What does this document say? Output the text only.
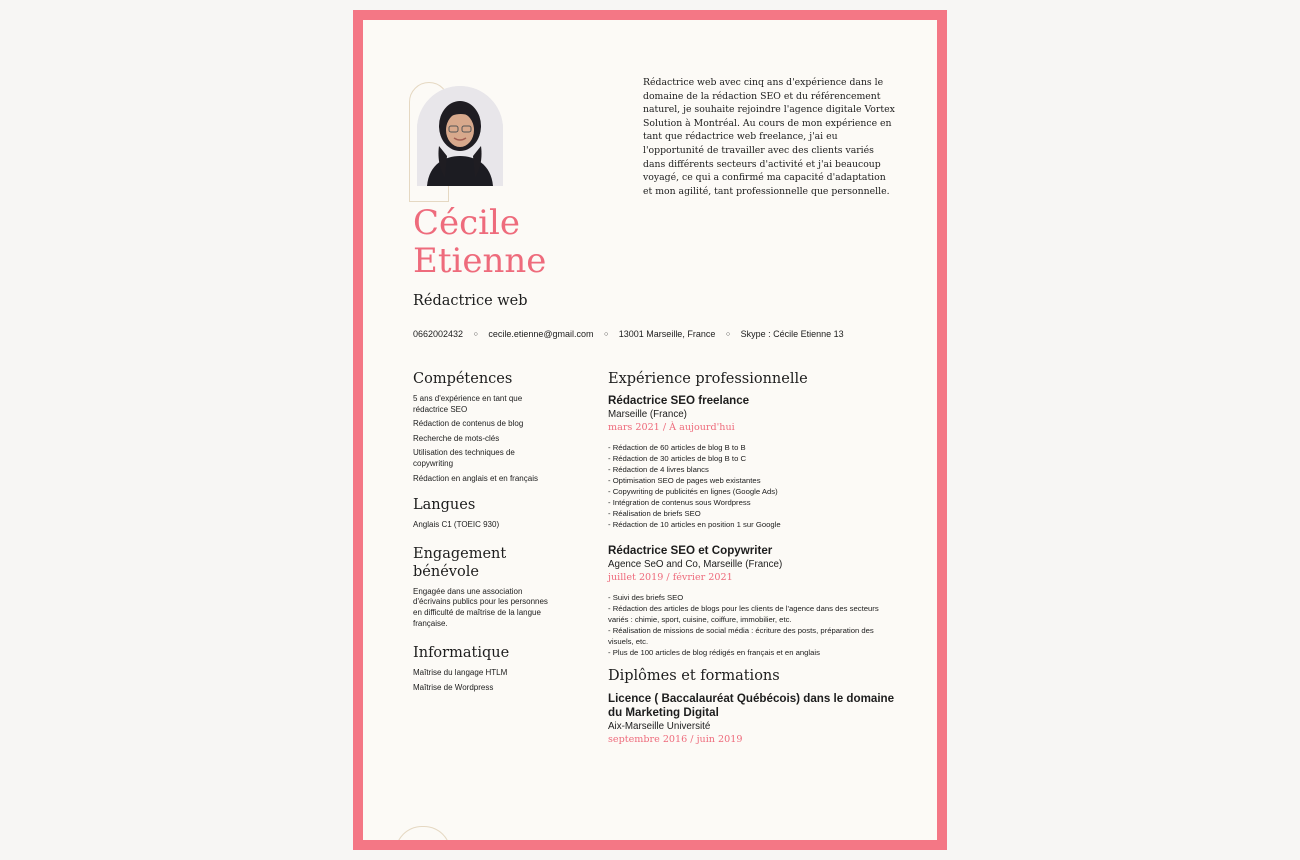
Rédactrice web avec cinq ans d'expérience dans le domaine de la rédaction SEO et du référencement naturel, je souhaite rejoindre l'agence digitale Vortex Solution à Montréal. Au cours de mon expérience en tant que rédactrice web freelance, j'ai eu l'opportunité de travailler avec des clients variés dans différents secteurs d'activité et j'ai beaucoup voyagé, ce qui a confirmé ma capacité d'adaptation et mon agilité, tant professionnelle que personnelle.
Cécile
Etienne
Rédactrice web
0662002432 ○ cecile.etienne@gmail.com ○ 13001 Marseille, France ○ Skype : Cécile Etienne 13
Compétences
5 ans d'expérience en tant que rédactrice SEO
Rédaction de contenus de blog
Recherche de mots-clés
Utilisation des techniques de copywriting
Rédaction en anglais et en français
Langues
Anglais C1 (TOEIC 930)
Engagement bénévole
Engagée dans une association d'écrivains publics pour les personnes en difficulté de maîtrise de la langue française.
Informatique
Maîtrise du langage HTLM
Maîtrise de Wordpress
Expérience professionnelle
Rédactrice SEO freelance
Marseille (France)
mars 2021 / À aujourd'hui
- Rédaction de 60 articles de blog B to B
- Rédaction de 30 articles de blog B to C
- Rédaction de 4 livres blancs
- Optimisation SEO de pages web existantes
- Copywriting de publicités en lignes (Google Ads)
- Intégration de contenus sous Wordpress
- Réalisation de briefs SEO
- Rédaction de 10 articles en position 1 sur Google
Rédactrice SEO et Copywriter
Agence SeO and Co, Marseille (France)
juillet 2019 / février 2021
- Suivi des briefs SEO
- Rédaction des articles de blogs pour les clients de l'agence dans des secteurs variés : chimie, sport, cuisine, coiffure, immobilier, etc.
- Réalisation de missions de social média : écriture des posts, préparation des visuels, etc.
- Plus de 100 articles de blog rédigés en français et en anglais
Diplômes et formations
Licence ( Baccalauréat Québécois) dans le domaine du Marketing Digital
Aix-Marseille Université
septembre 2016 / juin 2019
